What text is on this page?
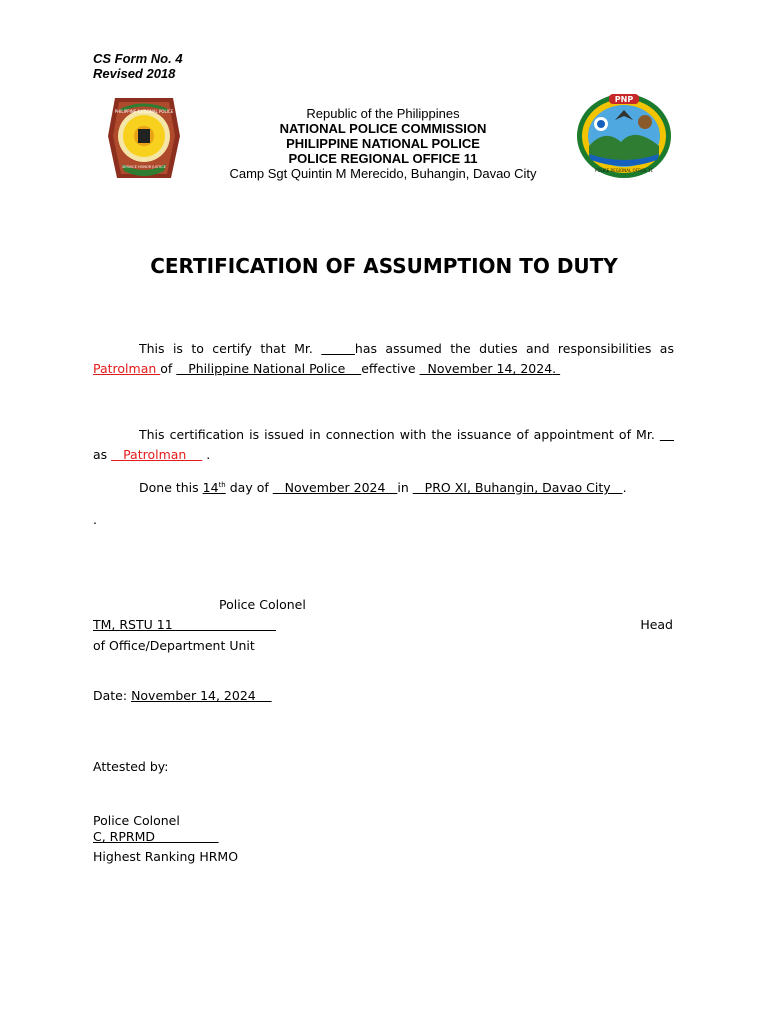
CS Form No. 4
Revised 2018
PHILIPPINE NATIONAL POLICE
SERVICE HONOR JUSTICE
Republic of the Philippines
NATIONAL POLICE COMMISSION
PHILIPPINE NATIONAL POLICE
POLICE REGIONAL OFFICE 11
Camp Sgt Quintin M Merecido, Buhangin, Davao City
PNP
POLICE REGIONAL OFFICE 11
CERTIFICATION OF ASSUMPTION TO DUTY
This is to certify that Mr.	has assumed the duties and responsibilities as Patrolman of    Philippine National Police    effective   November 14, 2024.
This certification is issued in connection with the issuance of appointment of Mr.     as    Patrolman     .
Done this 14th day of    November 2024   in    PRO XI, Buhangin, Davao City   .
.
Police Colonel
TM, RSTU 11	Head
of Office/Department Unit
Date: November 14, 2024
Attested by:
Police Colonel
C, RPRMD
Highest Ranking HRMO
